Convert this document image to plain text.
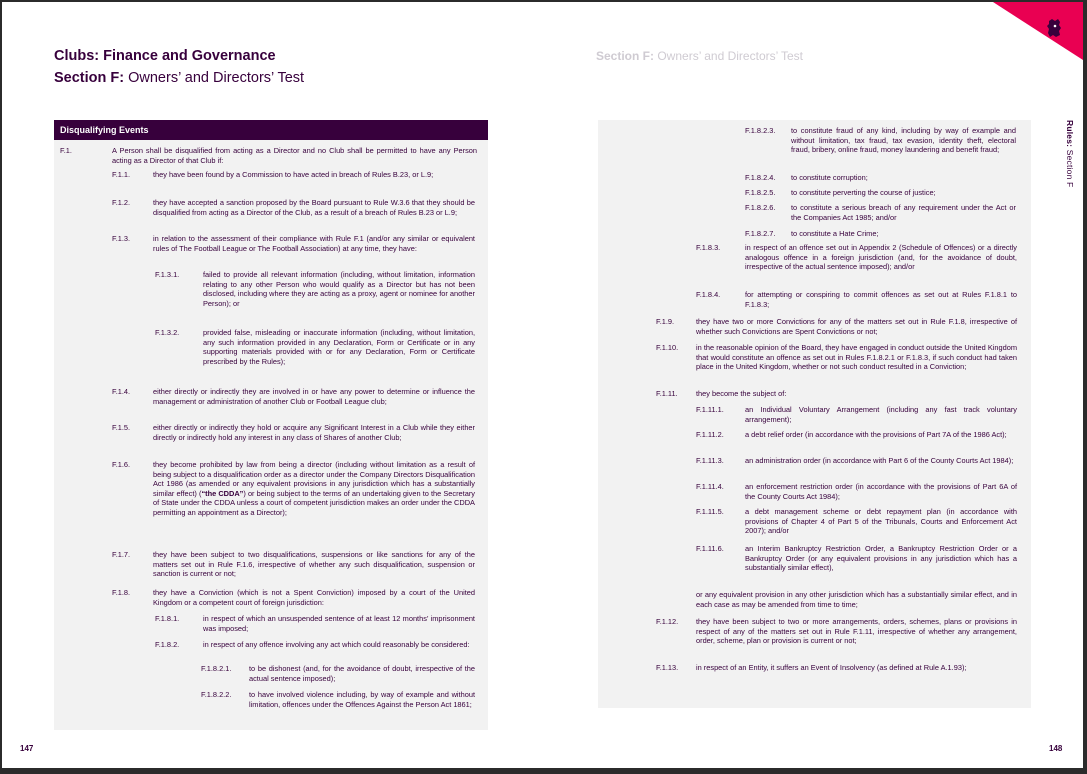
Clubs: Finance and Governance
Section F: Owners’ and Directors’ Test
Section F: Owners’ and Directors’ Test
Rules: Section F
Disqualifying Events
F.1.	A Person shall be disqualified from acting as a Director and no Club shall be permitted to have any Person acting as a Director of that Club if:
F.1.1.	they have been found by a Commission to have acted in breach of Rules B.23, or L.9;
F.1.2.	they have accepted a sanction proposed by the Board pursuant to Rule W.3.6 that they should be disqualified from acting as a Director of the Club, as a result of a breach of Rules B.23 or L.9;
F.1.3.	in relation to the assessment of their compliance with Rule F.1 (and/or any similar or equivalent rules of The Football League or The Football Association) at any time, they have:
F.1.3.1.	failed to provide all relevant information (including, without limitation, information relating to any other Person who would qualify as a Director but has not been disclosed, including where they are acting as a proxy, agent or nominee for another Person); or
F.1.3.2.	provided false, misleading or inaccurate information (including, without limitation, any such information provided in any Declaration, Form or Certificate or in any supporting materials provided with or for any Declaration, Form or Certificate prescribed by the Rules);
F.1.4.	either directly or indirectly they are involved in or have any power to determine or influence the management or administration of another Club or Football League club;
F.1.5.	either directly or indirectly they hold or acquire any Significant Interest in a Club while they either directly or indirectly hold any interest in any class of Shares of another Club;
F.1.6.	they become prohibited by law from being a director (including without limitation as a result of being subject to a disqualification order as a director under the Company Directors Disqualification Act 1986 (as amended or any equivalent provisions in any jurisdiction which has a substantially similar effect) (“the CDDA”) or being subject to the terms of an undertaking given to the Secretary of State under the CDDA unless a court of competent jurisdiction makes an order under the CDDA permitting an appointment as a Director);
F.1.7.	they have been subject to two disqualifications, suspensions or like sanctions for any of the matters set out in Rule F.1.6, irrespective of whether any such disqualification, suspension or sanction is current or not;
F.1.8.	they have a Conviction (which is not a Spent Conviction) imposed by a court of the United Kingdom or a competent court of foreign jurisdiction:
F.1.8.1.	in respect of which an unsuspended sentence of at least 12 months’ imprisonment was imposed;
F.1.8.2.	in respect of any offence involving any act which could reasonably be considered:
F.1.8.2.1. to be dishonest (and, for the avoidance of doubt, irrespective of the actual sentence imposed);
F.1.8.2.2. to have involved violence including, by way of example and without limitation, offences under the Offences Against the Person Act 1861;
F.1.8.2.3. to constitute fraud of any kind, including by way of example and without limitation, tax fraud, tax evasion, identity theft, electoral fraud, bribery, online fraud, money laundering and benefit fraud;
F.1.8.2.4. to constitute corruption;
F.1.8.2.5. to constitute perverting the course of justice;
F.1.8.2.6. to constitute a serious breach of any requirement under the Act or the Companies Act 1985; and/or
F.1.8.2.7. to constitute a Hate Crime;
F.1.8.3.	in respect of an offence set out in Appendix 2 (Schedule of Offences) or a directly analogous offence in a foreign jurisdiction (and, for the avoidance of doubt, irrespective of the actual sentence imposed); and/or
F.1.8.4.	for attempting or conspiring to commit offences as set out at Rules F.1.8.1 to F.1.8.3;
F.1.9.	they have two or more Convictions for any of the matters set out in Rule F.1.8, irrespective of whether such Convictions are Spent Convictions or not;
F.1.10. in the reasonable opinion of the Board, they have engaged in conduct outside the United Kingdom that would constitute an offence as set out in Rules F.1.8.2.1 or F.1.8.3, if such conduct had taken place in the United Kingdom, whether or not such conduct resulted in a Conviction;
F.1.11. they become the subject of:
F.1.11.1.	an Individual Voluntary Arrangement (including any fast track voluntary arrangement);
F.1.11.2.	a debt relief order (in accordance with the provisions of Part 7A of the 1986 Act);
F.1.11.3.	an administration order (in accordance with Part 6 of the County Courts Act 1984);
F.1.11.4.	an enforcement restriction order (in accordance with the provisions of Part 6A of the County Courts Act 1984);
F.1.11.5.	a debt management scheme or debt repayment plan (in accordance with provisions of Chapter 4 of Part 5 of the Tribunals, Courts and Enforcement Act 2007); and/or
F.1.11.6.	an Interim Bankruptcy Restriction Order, a Bankruptcy Restriction Order or a Bankruptcy Order (or any equivalent provisions in any jurisdiction which has a substantially similar effect),
or any equivalent provision in any other jurisdiction which has a substantially similar effect, and in each case as may be amended from time to time;
F.1.12. they have been subject to two or more arrangements, orders, schemes, plans or provisions in respect of any of the matters set out in Rule F.1.11, irrespective of whether any arrangement, order, scheme, plan or provision is current or not;
F.1.13. in respect of an Entity, it suffers an Event of Insolvency (as defined at Rule A.1.93);
147	148
